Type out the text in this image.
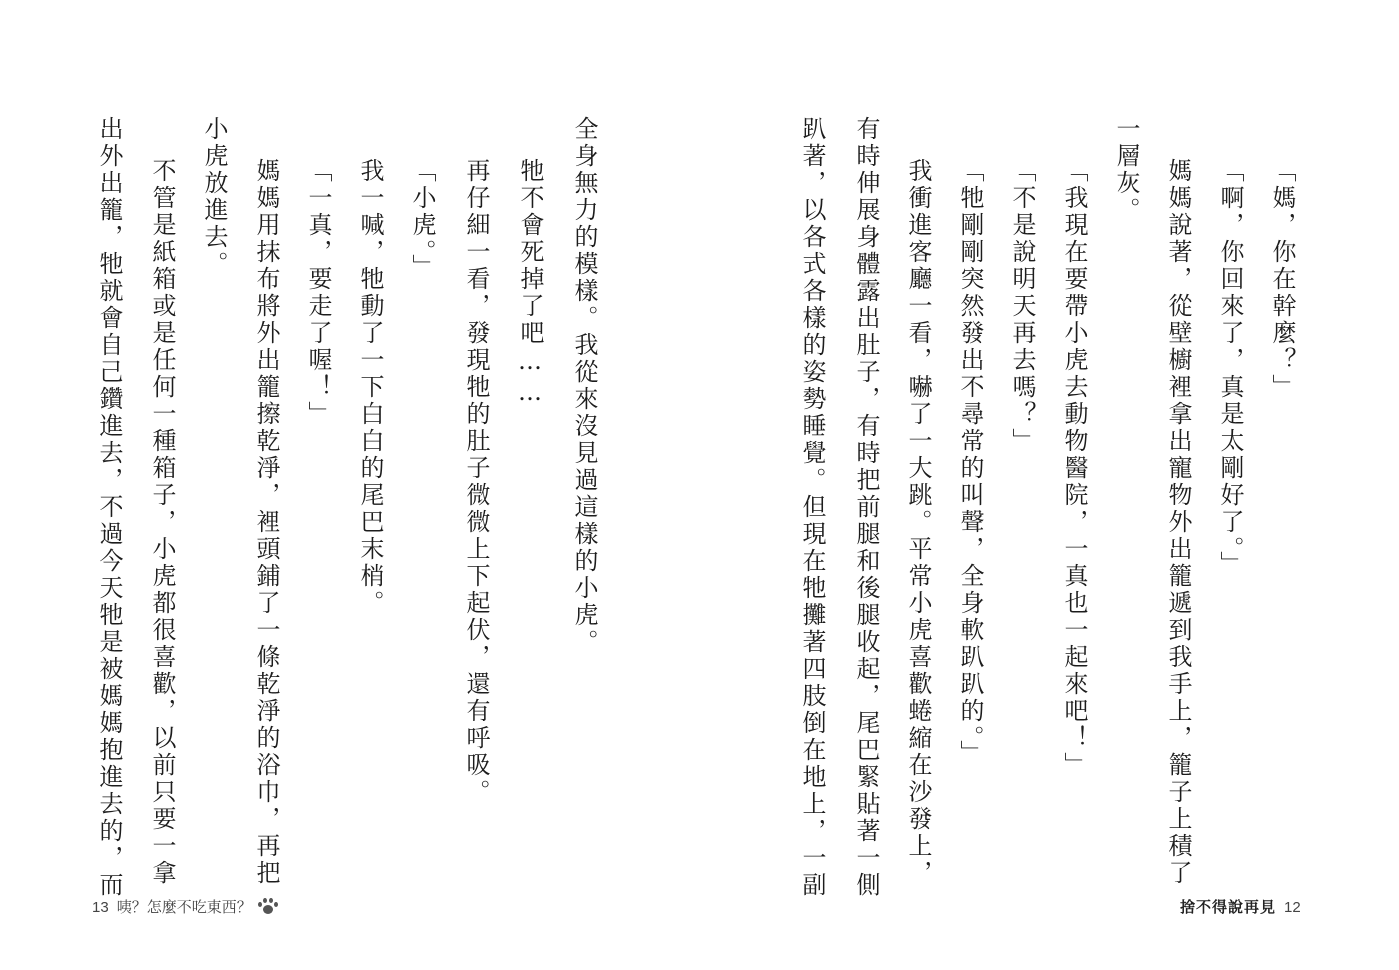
全身無力的模樣。我從來沒見過這樣的小虎。

牠不會死掉了吧……

再仔細一看，發現牠的肚子微微上下起伏，還有呼吸。

「小虎。」

我一喊，牠動了一下白白的尾巴末梢。

「一真，要走了喔！」

媽媽用抹布將外出籠擦乾淨，裡頭鋪了一條乾淨的浴巾，再把

小虎放進去。

不管是紙箱或是任何一種箱子，小虎都很喜歡，以前只要一拿

出外出籠，牠就會自己鑽進去，不過今天牠是被媽媽抱進去的，而

13 咦？怎麼不吃東西？

「媽，你在幹麼？」

「啊，你回來了，真是太剛好了。」

媽媽說著，從壁櫥裡拿出寵物外出籠遞到我手上，籠子上積了

一層灰。

「我現在要帶小虎去動物醫院，一真也一起來吧！」

「不是說明天再去嗎？」

「牠剛剛突然發出不尋常的叫聲，全身軟趴趴的。」

我衝進客廳一看，嚇了一大跳。平常小虎喜歡蜷縮在沙發上，

有時伸展身體露出肚子，有時把前腿和後腿收起，尾巴緊貼著一側

趴著，以各式各樣的姿勢睡覺。但現在牠攤著四肢倒在地上，一副

捨不得說再見 12
